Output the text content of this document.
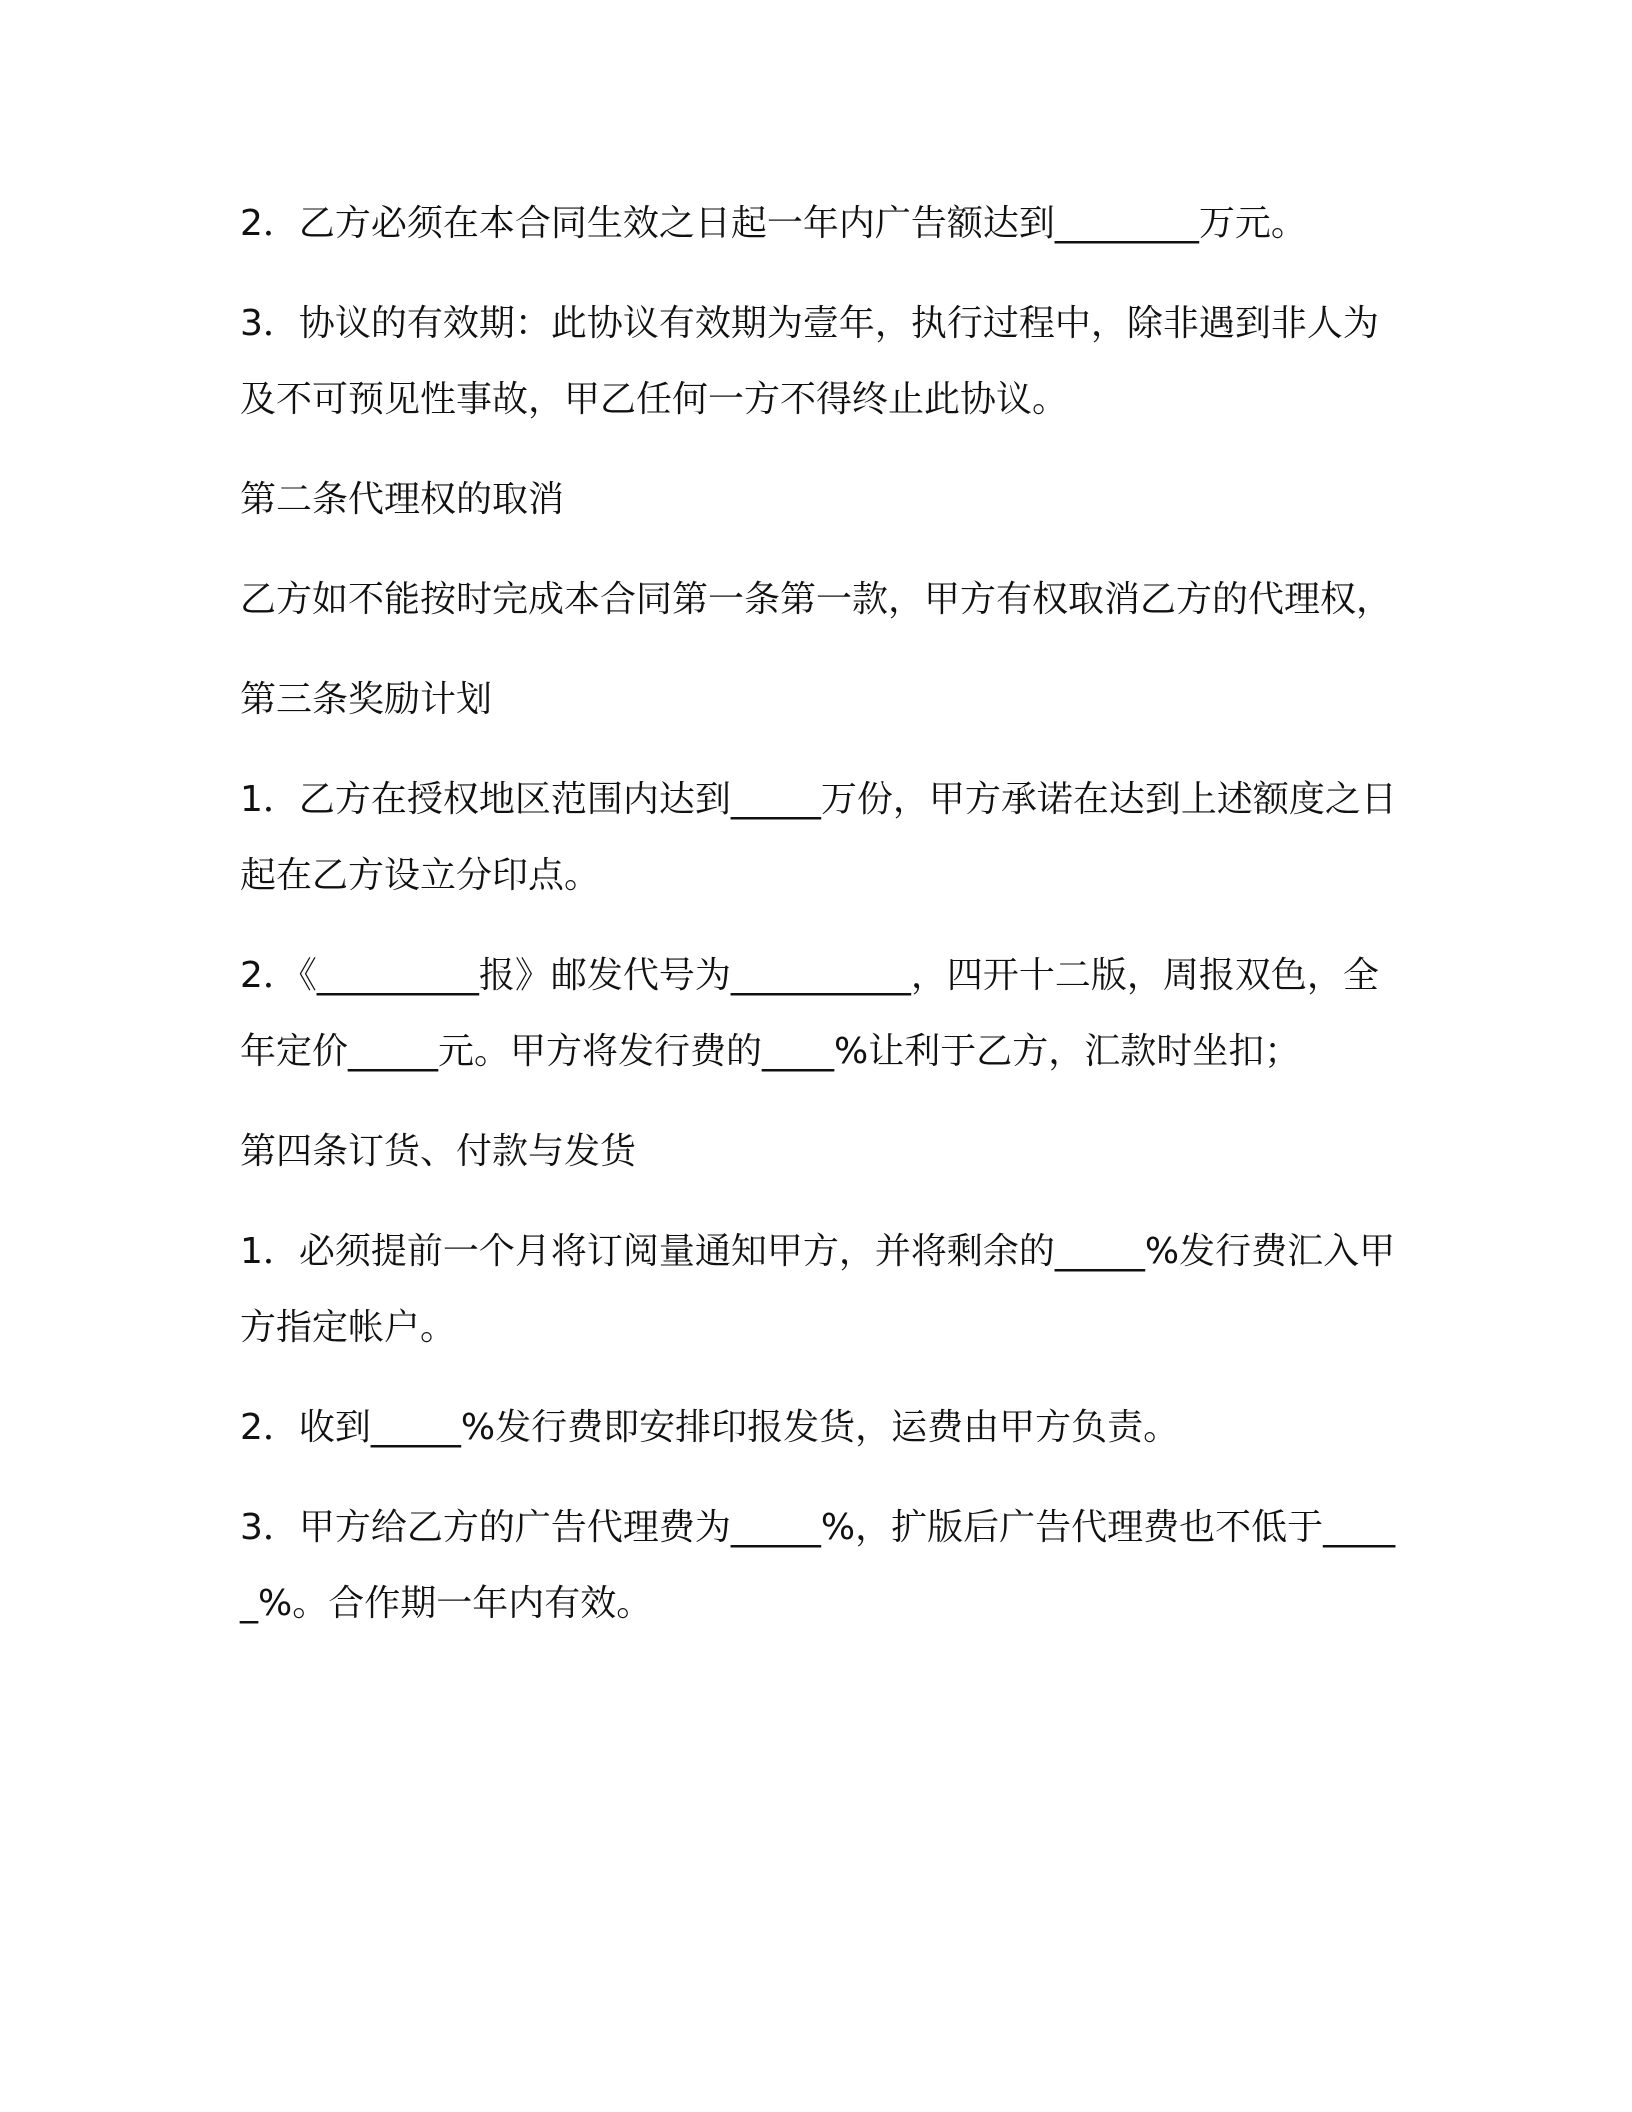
2．乙方必须在本合同生效之日起一年内广告额达到________万元。

3．协议的有效期：此协议有效期为壹年，执行过程中，除非遇到非人为及不可预见性事故，甲乙任何一方不得终止此协议。

第二条代理权的取消

乙方如不能按时完成本合同第一条第一款，甲方有权取消乙方的代理权，

第三条奖励计划

1．乙方在授权地区范围内达到_____万份，甲方承诺在达到上述额度之日起在乙方设立分印点。

2．《_________报》邮发代号为__________，四开十二版，周报双色，全年定价_____元。甲方将发行费的____%让利于乙方，汇款时坐扣；

第四条订货、付款与发货

1．必须提前一个月将订阅量通知甲方，并将剩余的_____%发行费汇入甲方指定帐户。

2．收到_____%发行费即安排印报发货，运费由甲方负责。

3．甲方给乙方的广告代理费为_____%，扩版后广告代理费也不低于_____%。合作期一年内有效。
